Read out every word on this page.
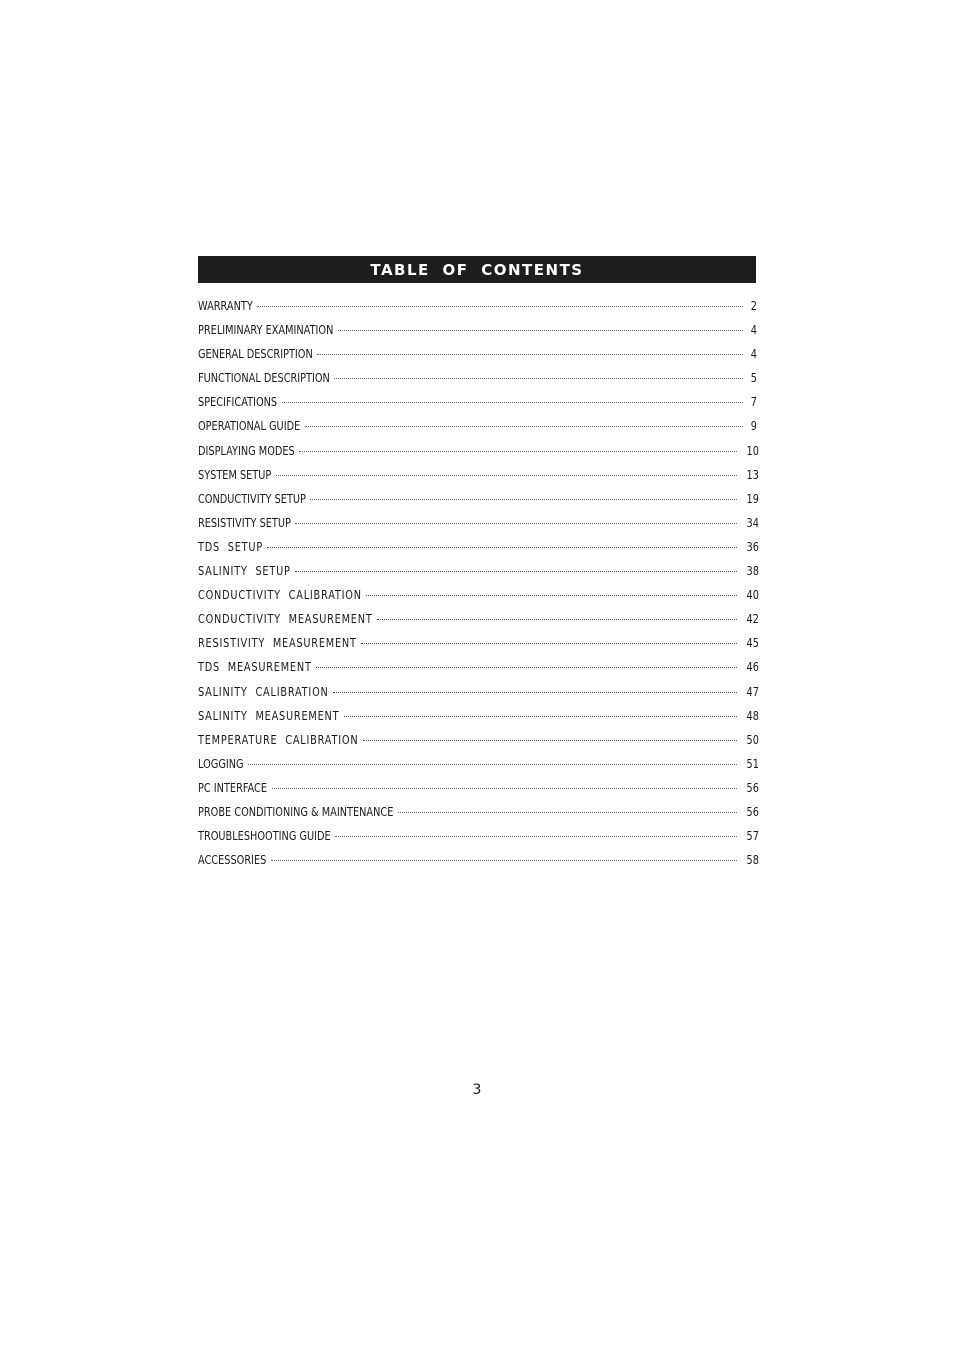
TABLE OF CONTENTS
WARRANTY	2
PRELIMINARY EXAMINATION	4
GENERAL DESCRIPTION	4
FUNCTIONAL DESCRIPTION	5
SPECIFICATIONS	7
OPERATIONAL GUIDE	9
DISPLAYING MODES	10
SYSTEM SETUP	13
CONDUCTIVITY SETUP	19
RESISTIVITY SETUP	34
TDS SETUP	36
SALINITY SETUP	38
CONDUCTIVITY CALIBRATION	40
CONDUCTIVITY MEASUREMENT	42
RESISTIVITY MEASUREMENT	45
TDS MEASUREMENT	46
SALINITY CALIBRATION	47
SALINITY MEASUREMENT	48
TEMPERATURE CALIBRATION	50
LOGGING	51
PC INTERFACE	56
PROBE CONDITIONING & MAINTENANCE	56
TROUBLESHOOTING GUIDE	57
ACCESSORIES	58
3
